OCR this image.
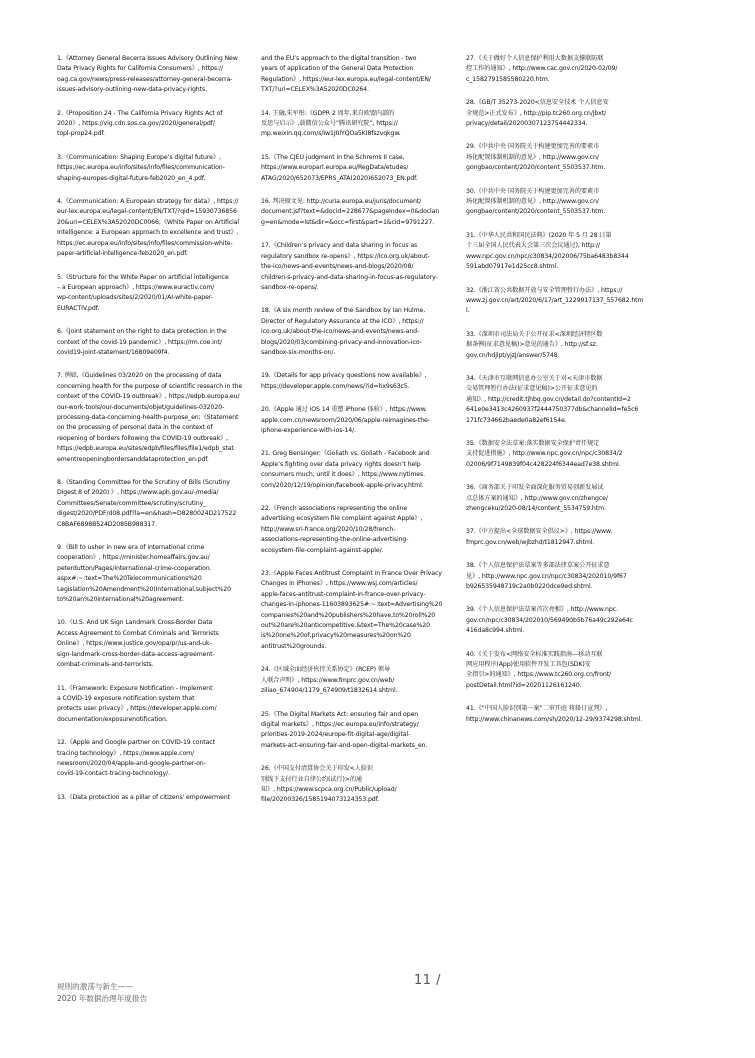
1.《Attorney General Becerra Issues Advisory Outlining New
Data Privacy Rights for California Consumers》, https://
oag.ca.gov/news/press-releases/attorney-general-becerra-
issues-advisory-outlining-new-data-privacy-rights.

2.《Proposition 24 - The California Privacy Rights Act of
2020》, https://vig.cdn.sos.ca.gov/2020/general/pdf/
topl-prop24.pdf.

3.《Communication: Shaping Europe’s digital future》,
https://ec.europa.eu/info/sites/info/files/communication-
shaping-europes-digital-future-feb2020_en_4.pdf.

4.《Communication: A European strategy for data》, https://
eur-lex.europa.eu/legal-content/EN/TXT/?qid=15930736856
20&uri=CELEX%3A52020DC0066;《White Paper on Artificial
Intelligence: a European approach to excellence and trust》,
https://ec.europa.eu/info/sites/info/files/commission-white-
paper-artificial-intelligence-feb2020_en.pdf.

5.《Structure for the White Paper on artificial intelligence
– a European approach》, https://www.euractiv.com/
wp-content/uploads/sites/2/2020/01/AI-white-paper-
EURACTIV.pdf.

6.《Joint statement on the right to data protection in the
context of the covid-19 pandemic》, https://rm.coe.int/
covid19-joint-statement/16809e09f4.

7. 例如,《Guidelines 03/2020 on the processing of data
concerning health for the purpose of scientific research in the
context of the COVID-19 outbreak》, https://edpb.europa.eu/
our-work-tools/our-documents/objet/guidelines-032020-
processing-data-concerning-health-purpose_en;《Statement
on the processing of personal data in the context of
reopening of borders following the COVID-19 outbreak》,
https://edpb.europa.eu/sites/edpb/files/files/file1/edpb_stat
ementreopeningbordersanddataprotection_en.pdf.

8.《Standing Committee for the Scrutiny of Bills (Scrutiny
Digest 8 of 2020) 》, https://www.aph.gov.au/-/media/
Committees/Senate/committee/scrutiny/scrutiny_
digest/2020/PDF/d08.pdf?la=en&hash=D8280024D217522
C8BAF6898B524D2085B988317.

9.《Bill to usher in new era of international crime
cooperation》, https://minister.homeaffairs.gov.au/
peterdutton/Pages/international-crime-cooperation.
aspx#:~:text=The%20Telecommunications%20
Legislation%20Amendment%20(International,subject%20
to%20an%20international%20agreement.

10.《U.S. And UK Sign Landmark Cross-Border Data
Access Agreement to Combat Criminals and Terrorists
Online》, https://www.justice.gov/opa/pr/us-and-uk-
sign-landmark-cross-border-data-access-agreement-
combat-criminals-and-terrorists.

11.《Framework: Exposure Notification - Implement
a COVID-19 exposure notification system that
protects user privacy》, https://developer.apple.com/
documentation/exposurenotification.

12.《Apple and Google partner on COVID-19 contact
tracing technology》, https://www.apple.com/
newsroom/2020/04/apple-and-google-partner-on-
covid-19-contact-tracing-technology/.

13.《Data protection as a pillar of citizens' empowerment

and the EU’s approach to the digital transition - two
years of application of the General Data Protection
Regulation》, https://eur-lex.europa.eu/legal-content/EN/
TXT/?uri=CELEX%3A52020DC0264.

14. 王融,朱军彤:《GDPR 2 周年,来自欧盟内部的
反思与启示》,载微信公众号“腾讯研究院”, https://
mp.weixin.qq.com/s/Iw1J0lYQOa5KI8fszvqkgw.

15.《The CJEU judgment in the Schrems II case,
https://www.europarl.europa.eu/RegData/etudes/
ATAG/2020/652073/EPRS_ATA(2020)652073_EN.pdf.

16. 判决原文见: http://curia.europa.eu/juris/document/
document.jsf?text=&docid=228677&pageIndex=0&doclan
g=en&mode=lst&dir=&occ=first&part=1&cid=9791227.

17.《Children’s privacy and data sharing in focus as
regulatory sandbox re-opens》, https://ico.org.uk/about-
the-ico/news-and-events/news-and-blogs/2020/08/
children-s-privacy-and-data-sharing-in-focus-as-regulatory-
sandbox-re-opens/.

18.《A six month review of the Sandbox by Ian Hulme,
Director of Regulatory Assurance at the ICO》, https://
ico.org.uk/about-the-ico/news-and-events/news-and-
blogs/2020/03/combining-privacy-and-innovation-ico-
sandbox-six-months-on/.

19.《Details for app privacy questions now available》,
https://developer.apple.com/news/?id=hx9s63c5.

20.《Apple 通过 iOS 14 重塑 iPhone 体验》, https://www.
apple.com.cn/newsroom/2020/06/apple-reimagines-the-
iphone-experience-with-ios-14/.

21. Greg Bensinger:《Goliath vs. Goliath - Facebook and
Apple’s fighting over data privacy rights doesn’t help
consumers much, until it does》, https://www.nytimes.
com/2020/12/19/opinion/facebook-apple-privacy.html.

22.《French associations representing the online
advertising ecosystem file complaint against Apple》,
http://www.sri-france.org/2020/10/28/french-
associations-representing-the-online-advertising-
ecosystem-file-complaint-against-apple/.

23.《Apple Faces Antitrust Complaint in France Over Privacy
Changes in iPhones》, https://www.wsj.com/articles/
apple-faces-antitrust-complaint-in-france-over-privacy-
changes-in-iphones-11603893625#:~:text=Advertising%20
companies%20and%20publishers%20have,to%20roll%20
out%20are%20anticompetitive.&text=The%20case%20
is%20one%20of,privacy%20measures%20on%20
antitrust%20grounds.

24.《区域全面经济伙伴关系协定》(RCEP) 领导
人联合声明》, https://www.fmprc.gov.cn/web/
ziliao_674904/1179_674909/t1832614.shtml.

25.《The Digital Markets Act: ensuring fair and open
digital markets》, https://ec.europa.eu/info/strategy/
priorities-2019-2024/europe-fit-digital-age/digital-
markets-act-ensuring-fair-and-open-digital-markets_en.

26.《中国支付清算协会关于印发<人脸识
别线下支付行业自律公约(试行)>的通
知》, https://www.scpca.org.cn/Public/upload/
file/20200326/1585194073124353.pdf.

27.《关于做好个人信息保护利用大数据支撑联防联
控工作的通知》, http://www.cac.gov.cn/2020-02/09/
c_1582791585580220.htm.

28.《GB/T 35273-2020<信息安全技术 个人信息安
全规范>正式发布》, http://pip.tc260.org.cn/jbxt/
privacy/detail/20200307123754442334.

29.《中共中央 国务院关于构建更加完善的要素市
场化配置体制机制的意见》, http://www.gov.cn/
gongbao/content/2020/content_5503537.htm.

30.《中共中央 国务院关于构建更加完善的要素市
场化配置体制机制的意见》, http://www.gov.cn/
gongbao/content/2020/content_5503537.htm.

31.《中华人民共和国民法典》(2020 年 5 月 28 日第
十三届全国人民代表大会第三次会议通过), http://
www.npc.gov.cn/npc/c30834/202006/75ba6483b8344
591abd07917e1d25cc8.shtml.

32.《浙江省公共数据开放与安全管理暂行办法》, https://
www.zj.gov.cn/art/2020/6/17/art_1229017137_557682.html.

33.《深圳市司法局关于公开征求<深圳经济特区数
据条例(征求意见稿)>意见的通告》, http://sf.sz.
gov.cn/hdjlpt/yjzj/answer/5748.

34.《天津市互联网信息办公室关于对<天津市数据
交易管理暂行办法(征求意见稿)>公开征求意见的
通知》, http://credit.tjhbq.gov.cn/detail.do?contentId=2
641e0e3413c4260937f2444750377db&channelId=fe5c6
171fc734662baede0a82ef6154e.

35.《数据安全法草案:落实数据安全保护责任规定
支持促进措施》, http://www.npc.gov.cn/npc/c30834/2
02006/9f7149839f04c428224f6344ead7e38.shtml.

36.《商务部关于印发全面深化服务贸易创新发展试
点总体方案的通知》, http://www.gov.cn/zhengce/
zhengceku/2020-08/14/content_5534759.htm.

37.《中方提出<全球数据安全倡议>》, https://www.
fmprc.gov.cn/web/wjbzhd/t1812947.shtml.

38.《个人信息保护法草案等多部法律草案公开征求意
见》, http://www.npc.gov.cn/npc/c30834/202010/9f67
b926535948719c2a0b0220dce9ed.shtml.

39.《个人信息保护法草案首次亮相》, http://www.npc.
gov.cn/npc/c30834/202010/569490b5b76a49c292e64c
416da8c994.shtml.

40.《关于发布<网络安全标准实践指南—移动互联
网应用程序(App)使用软件开发工具包(SDK)安
全指引>的通知》, https://www.tc260.org.cn/front/
postDetail.html?id=20201126161240.

41.《“中国人脸识别第一案”二审开庭 将择日宣判》,
http://www.chinanews.com/sh/2020/12-29/9374298.shtml.

规则的激荡与新生——
2020 年数据治理年度报告
11 /
